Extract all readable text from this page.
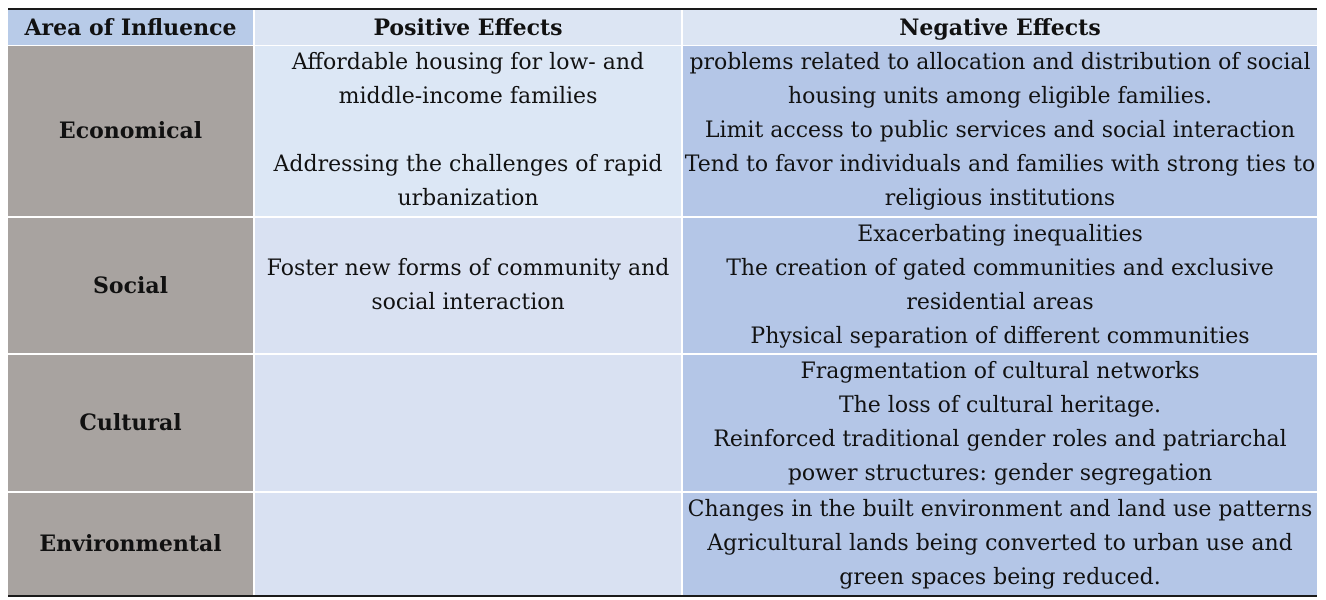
Area of Influence	Positive Effects	Negative Effects
Economical
Affordable housing for low- and
middle-income families
Addressing the challenges of rapid
urbanization
problems related to allocation and distribution of social
housing units among eligible families.
Limit access to public services and social interaction
Tend to favor individuals and families with strong ties to
religious institutions
Social
Foster new forms of community and
social interaction
Exacerbating inequalities
The creation of gated communities and exclusive
residential areas
Physical separation of different communities
Cultural
Fragmentation of cultural networks
The loss of cultural heritage.
Reinforced traditional gender roles and patriarchal
power structures: gender segregation
Environmental
Changes in the built environment and land use patterns
Agricultural lands being converted to urban use and
green spaces being reduced.
